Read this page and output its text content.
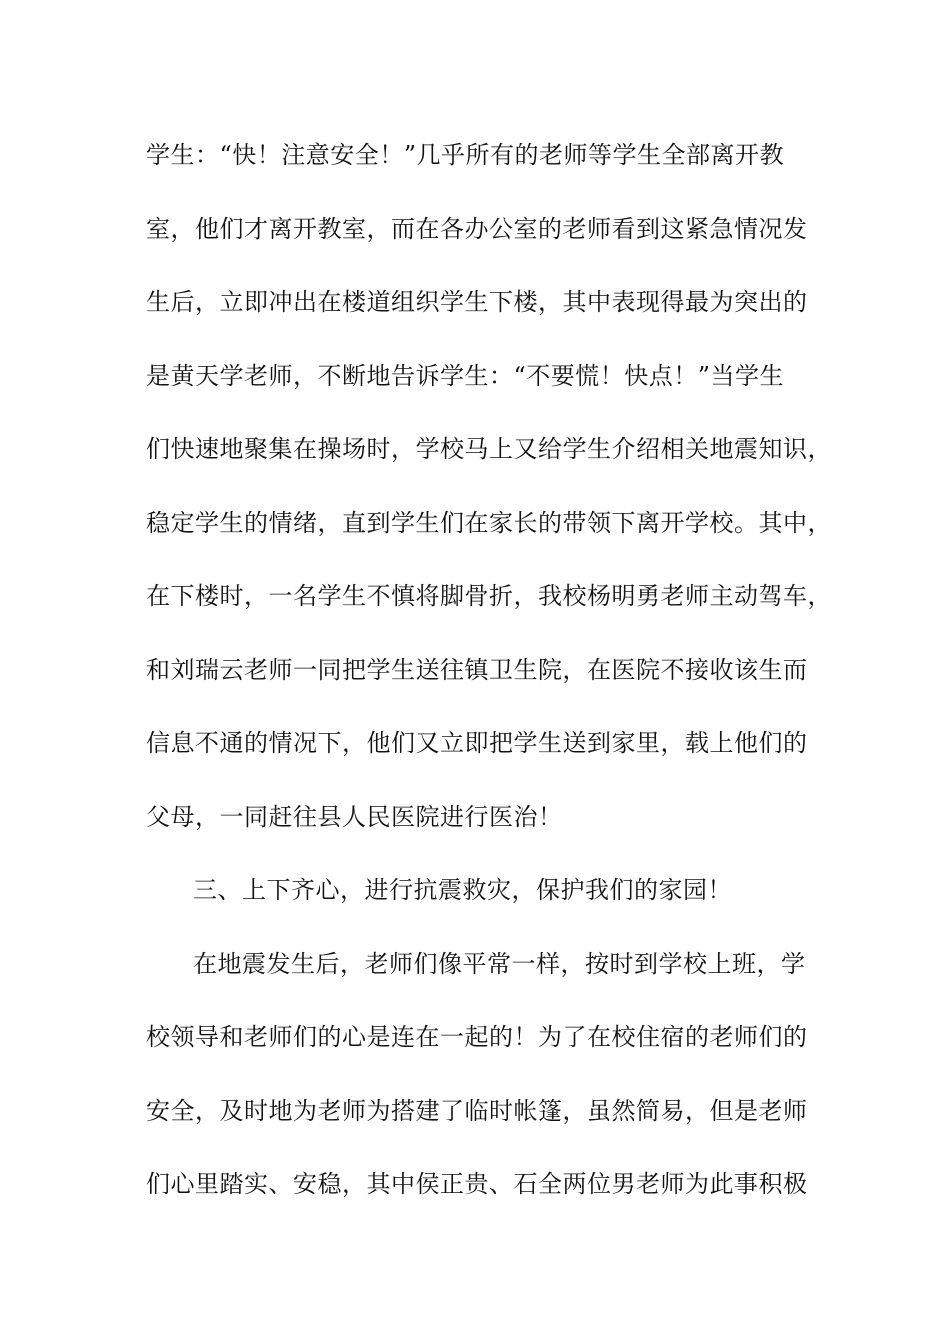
学生：“快！注意安全！”几乎所有的老师等学生全部离开教
室，他们才离开教室，而在各办公室的老师看到这紧急情况发
生后，立即冲出在楼道组织学生下楼，其中表现得最为突出的
是黄天学老师，不断地告诉学生：“不要慌！快点！”当学生
们快速地聚集在操场时，学校马上又给学生介绍相关地震知识，
稳定学生的情绪，直到学生们在家长的带领下离开学校。其中，
在下楼时，一名学生不慎将脚骨折，我校杨明勇老师主动驾车，
和刘瑞云老师一同把学生送往镇卫生院，在医院不接收该生而
信息不通的情况下，他们又立即把学生送到家里，载上他们的
父母，一同赶往县人民医院进行医治！
三、上下齐心，进行抗震救灾，保护我们的家园！
在地震发生后，老师们像平常一样，按时到学校上班，学
校领导和老师们的心是连在一起的！为了在校住宿的老师们的
安全，及时地为老师为搭建了临时帐篷，虽然简易，但是老师
们心里踏实、安稳，其中侯正贵、石全两位男老师为此事积极
